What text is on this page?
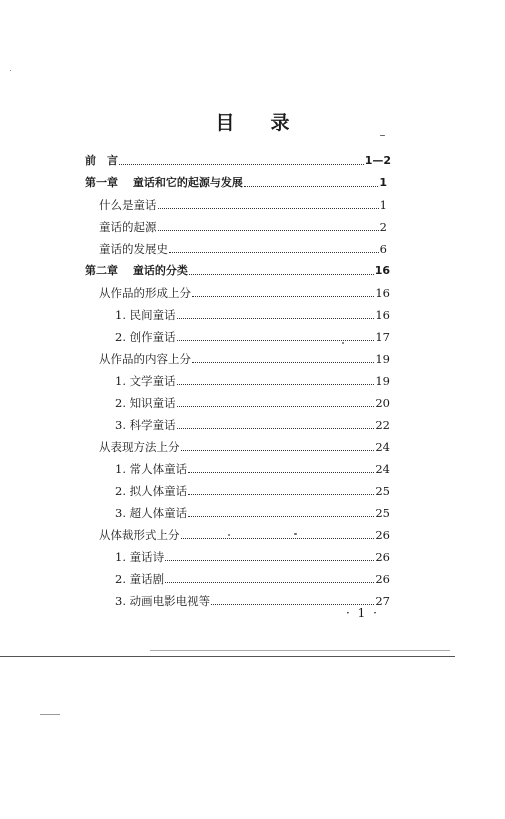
目 录
前　言	1—2
第一章　 童话和它的起源与发展	1
什么是童话	1
童话的起源	2
童话的发展史	6
第二章　 童话的分类	16
从作品的形成上分	16
1. 民间童话	16
2. 创作童话	17
从作品的内容上分	19
1. 文学童话	19
2. 知识童话	20
3. 科学童话	22
从表现方法上分	24
1. 常人体童话	24
2. 拟人体童话	25
3. 超人体童话	25
从体裁形式上分	26
1. 童话诗	26
2. 童话剧	26
3. 动画电影电视等	27
· 1 ·
